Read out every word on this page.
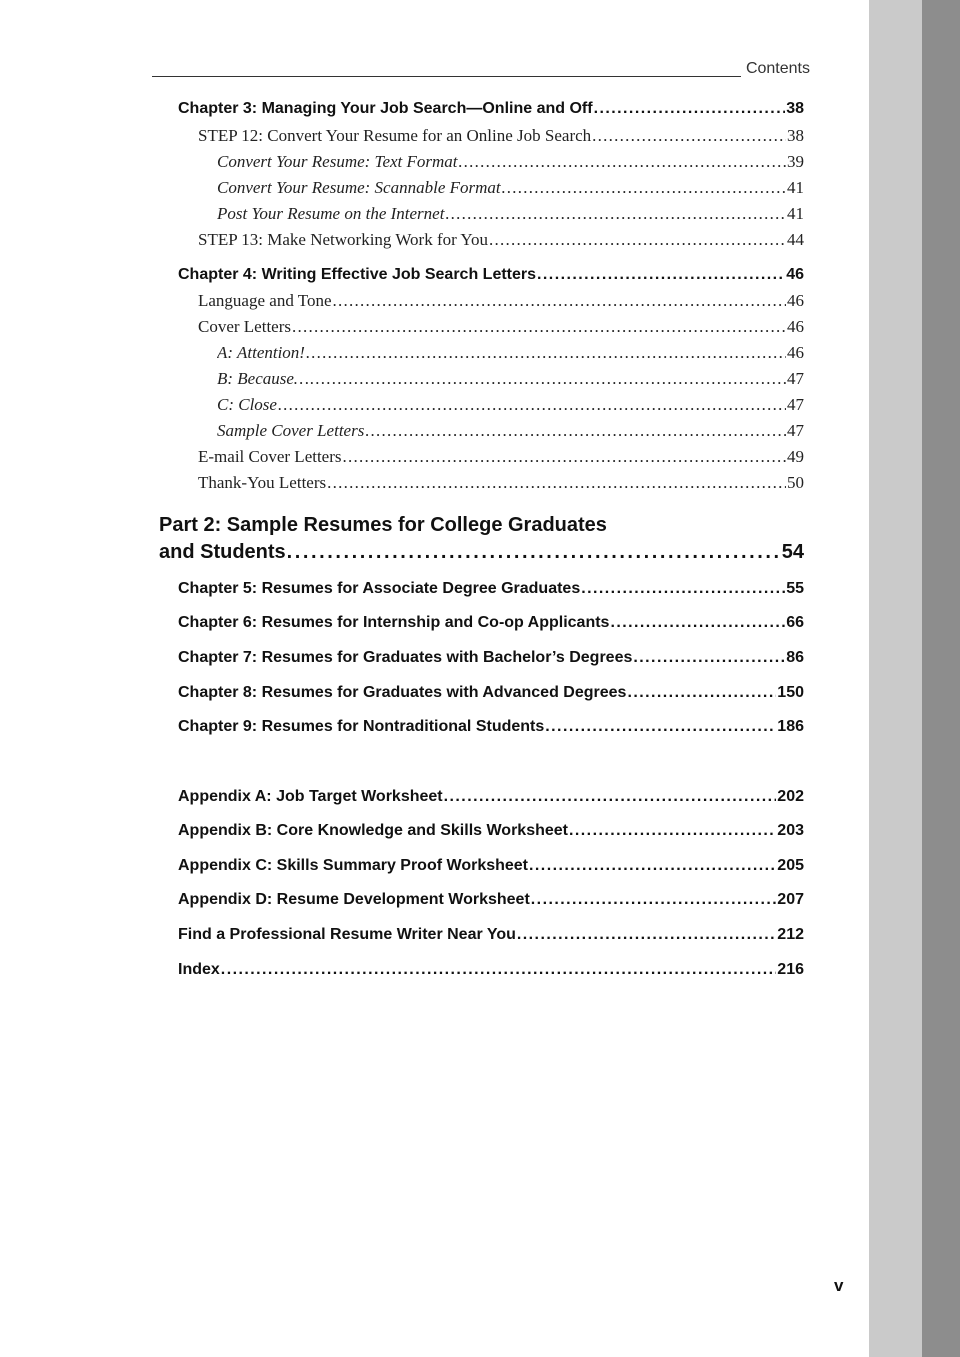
Contents
Chapter 3: Managing Your Job Search—Online and Off . . .	38
STEP 12: Convert Your Resume for an Online Job Search . . .	38
Convert Your Resume: Text Format . . .	39
Convert Your Resume: Scannable Format . . .	41
Post Your Resume on the Internet . . .	41
STEP 13: Make Networking Work for You . . .	44
Chapter 4: Writing Effective Job Search Letters . . .	46
Language and Tone . . .	46
Cover Letters . . .	46
A: Attention! . . .	46
B: Because… . . .	47
C: Close . . .	47
Sample Cover Letters . . .	47
E-mail Cover Letters . . .	49
Thank-You Letters . . .	50
Part 2: Sample Resumes for College Graduates
and Students . . .	54
Chapter 5: Resumes for Associate Degree Graduates . . .	55
Chapter 6: Resumes for Internship and Co-op Applicants . . .	66
Chapter 7: Resumes for Graduates with Bachelor’s Degrees . . .	86
Chapter 8: Resumes for Graduates with Advanced Degrees . . .	150
Chapter 9: Resumes for Nontraditional Students . . .	186
Appendix A: Job Target Worksheet . . .	202
Appendix B: Core Knowledge and Skills Worksheet . . .	203
Appendix C: Skills Summary Proof Worksheet . . .	205
Appendix D: Resume Development Worksheet . . .	207
Find a Professional Resume Writer Near You . . .	212
Index . . .	216
v
